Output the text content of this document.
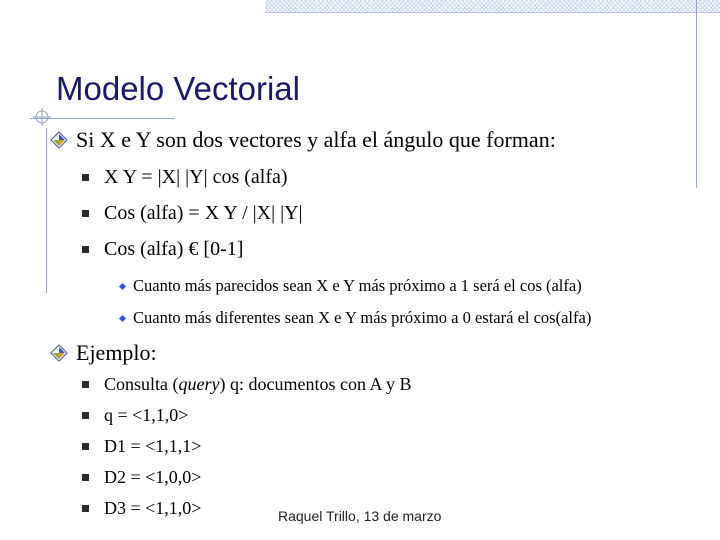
Modelo Vectorial
Si X e Y son dos vectores y alfa el ángulo que forman:
X Y = |X| |Y| cos (alfa)
Cos (alfa) = X Y / |X| |Y|
Cos (alfa) € [0-1]
Cuanto más parecidos sean X e Y más próximo a 1 será el cos (alfa)
Cuanto más diferentes sean X e Y más próximo a 0 estará el cos(alfa)
Ejemplo:
Consulta (query) q: documentos con A y B
q = <1,1,0>
D1 = <1,1,1>
D2 = <1,0,0>
D3 = <1,1,0>	Raquel Trillo, 13 de marzo
